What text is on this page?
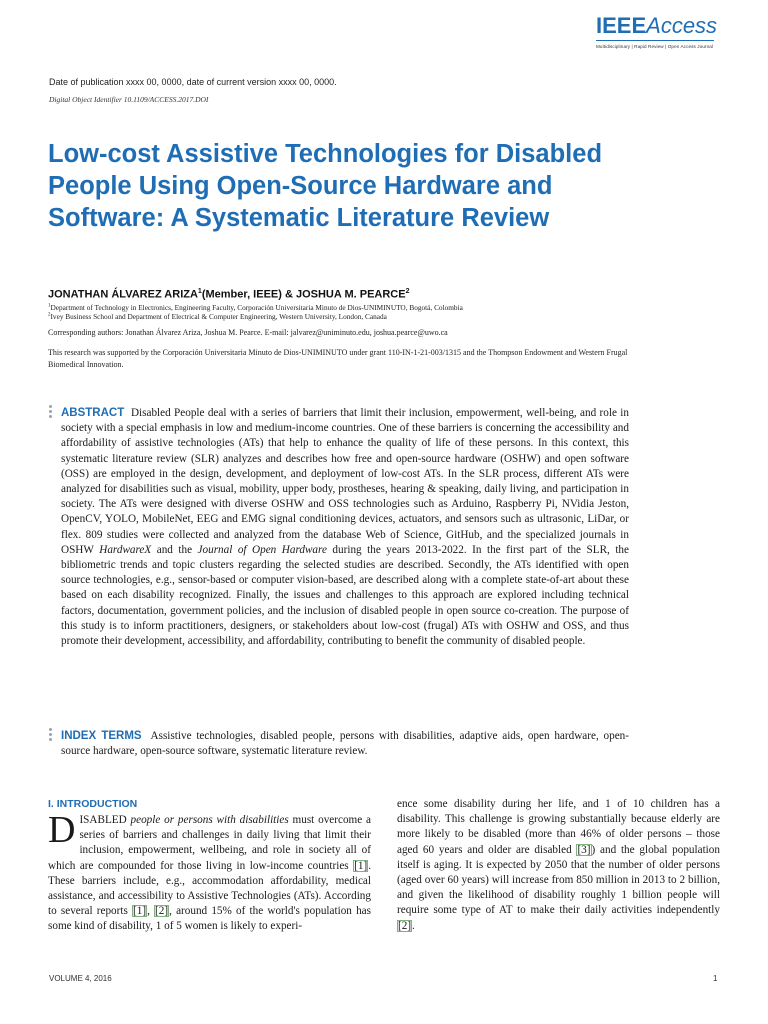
IEEEAccess
Multidisciplinary | Rapid Review | Open Access Journal
Date of publication xxxx 00, 0000, date of current version xxxx 00, 0000.
Digital Object Identifier 10.1109/ACCESS.2017.DOI
Low-cost Assistive Technologies for Disabled People Using Open-Source Hardware and Software: A Systematic Literature Review
JONATHAN ÁLVAREZ ARIZA$^1$(Member, IEEE) & JOSHUA M. PEARCE$^2$
$^1$Department of Technology in Electronics, Engineering Faculty, Corporación Universitaria Minuto de Dios-UNIMINUTO, Bogotá, Colombia
$^2$Ivey Business School and Department of Electrical & Computer Engineering, Western University, London, Canada
Corresponding authors: Jonathan Álvarez Ariza, Joshua M. Pearce. E-mail: jalvarez@uniminuto.edu, joshua.pearce@uwo.ca
This research was supported by the Corporación Universitaria Minuto de Dios-UNIMINUTO under grant 110-IN-1-21-003/1315 and the Thompson Endowment and Western Frugal Biomedical Innovation.

ABSTRACT Disabled People deal with a series of barriers that limit their inclusion, empowerment, well-being, and role in society with a special emphasis in low and medium-income countries. One of these barriers is concerning the accessibility and affordability of assistive technologies (ATs) that help to enhance the quality of life of these persons. In this context, this systematic literature review (SLR) analyzes and describes how free and open-source hardware (OSHW) and open software (OSS) are employed in the design, development, and deployment of low-cost ATs. In the SLR process, different ATs were analyzed for disabilities such as visual, mobility, upper body, prostheses, hearing & speaking, daily living, and participation in society. The ATs were designed with diverse OSHW and OSS technologies such as Arduino, Raspberry Pi, NVidia Jeston, OpenCV, YOLO, MobileNet, EEG and EMG signal conditioning devices, actuators, and sensors such as ultrasonic, LiDar, or flex. 809 studies were collected and analyzed from the database Web of Science, GitHub, and the specialized journals in OSHW HardwareX and the Journal of Open Hardware during the years 2013-2022. In the first part of the SLR, the bibliometric trends and topic clusters regarding the selected studies are described. Secondly, the ATs identified with open source technologies, e.g., sensor-based or computer vision-based, are described along with a complete state-of-art about these based on each disability recognized. Finally, the issues and challenges to this approach are explored including technical factors, documentation, government policies, and the inclusion of disabled people in open source co-creation. The purpose of this study is to inform practitioners, designers, or stakeholders about low-cost (frugal) ATs with OSHW and OSS, and thus promote their development, accessibility, and affordability, contributing to benefit the community of disabled people.

INDEX TERMS Assistive technologies, disabled people, persons with disabilities, adaptive aids, open hardware, open-source hardware, open-source software, systematic literature review.

I. INTRODUCTION

DISABLED people or persons with disabilities must overcome a series of barriers and challenges in daily living that limit their inclusion, empowerment, wellbeing, and role in society all of which are compounded for those living in low-income countries [1]. These barriers include, e.g., accommodation affordability, medical assistance, and accessibility to Assistive Technologies (ATs). According to several reports [1], [2], around 15% of the world's population has some kind of disability, 1 of 5 women is likely to experi-

ence some disability during her life, and 1 of 10 children has a disability. This challenge is growing substantially because elderly are more likely to be disabled (more than 46% of older persons – those aged 60 years and older are disabled [3]) and the global population itself is aging. It is expected by 2050 that the number of older persons (aged over 60 years) will increase from 850 million in 2013 to 2 billion, and given the likelihood of disability roughly 1 billion people will require some type of AT to make their daily activities independently [2].

VOLUME 4, 2016	1
